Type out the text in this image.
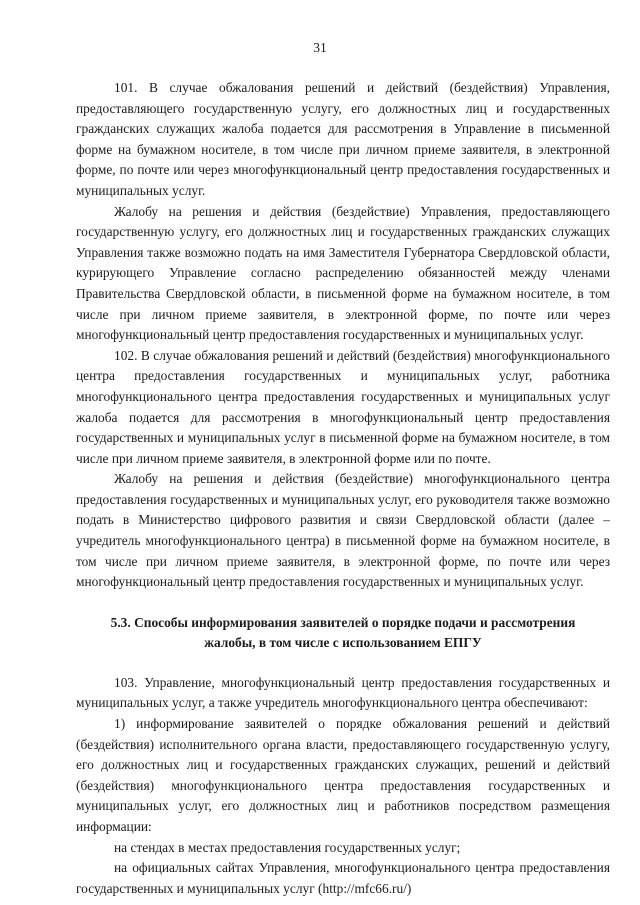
31

101. В случае обжалования решений и действий (бездействия) Управления, предоставляющего государственную услугу, его должностных лиц и государственных гражданских служащих жалоба подается для рассмотрения в Управление в письменной форме на бумажном носителе, в том числе при личном приеме заявителя, в электронной форме, по почте или через многофункциональный центр предоставления государственных и муниципальных услуг.

Жалобу на решения и действия (бездействие) Управления, предоставляющего государственную услугу, его должностных лиц и государственных гражданских служащих Управления также возможно подать на имя Заместителя Губернатора Свердловской области, курирующего Управление согласно распределению обязанностей между членами Правительства Свердловской области, в письменной форме на бумажном носителе, в том числе при личном приеме заявителя, в электронной форме, по почте или через многофункциональный центр предоставления государственных и муниципальных услуг.

102. В случае обжалования решений и действий (бездействия) многофункционального центра предоставления государственных и муниципальных услуг, работника многофункционального центра предоставления государственных и муниципальных услуг жалоба подается для рассмотрения в многофункциональный центр предоставления государственных и муниципальных услуг в письменной форме на бумажном носителе, в том числе при личном приеме заявителя, в электронной форме или по почте.

Жалобу на решения и действия (бездействие) многофункционального центра предоставления государственных и муниципальных услуг, его руководителя также возможно подать в Министерство цифрового развития и связи Свердловской области (далее – учредитель многофункционального центра) в письменной форме на бумажном носителе, в том числе при личном приеме заявителя, в электронной форме, по почте или через многофункциональный центр предоставления государственных и муниципальных услуг.

5.3. Способы информирования заявителей о порядке подачи и рассмотрения жалобы, в том числе с использованием ЕПГУ

103. Управление, многофункциональный центр предоставления государственных и муниципальных услуг, а также учредитель многофункционального центра обеспечивают:

1) информирование заявителей о порядке обжалования решений и действий (бездействия) исполнительного органа власти, предоставляющего государственную услугу, его должностных лиц и государственных гражданских служащих, решений и действий (бездействия) многофункционального центра предоставления государственных и муниципальных услуг, его должностных лиц и работников посредством размещения информации:

на стендах в местах предоставления государственных услуг;

на официальных сайтах Управления, многофункционального центра предоставления государственных и муниципальных услуг (http://mfc66.ru/)
